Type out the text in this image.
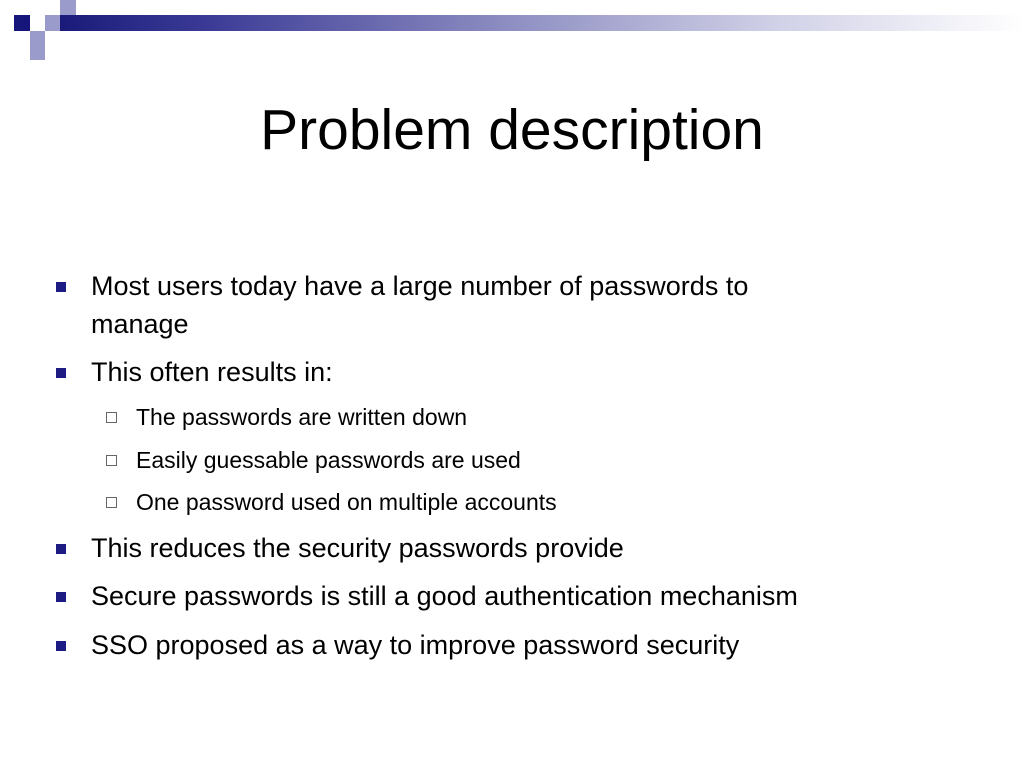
Problem description
Most users today have a large number of passwords to
manage
This often results in:
The passwords are written down
Easily guessable passwords are used
One password used on multiple accounts
This reduces the security passwords provide
Secure passwords is still a good authentication mechanism
SSO proposed as a way to improve password security
